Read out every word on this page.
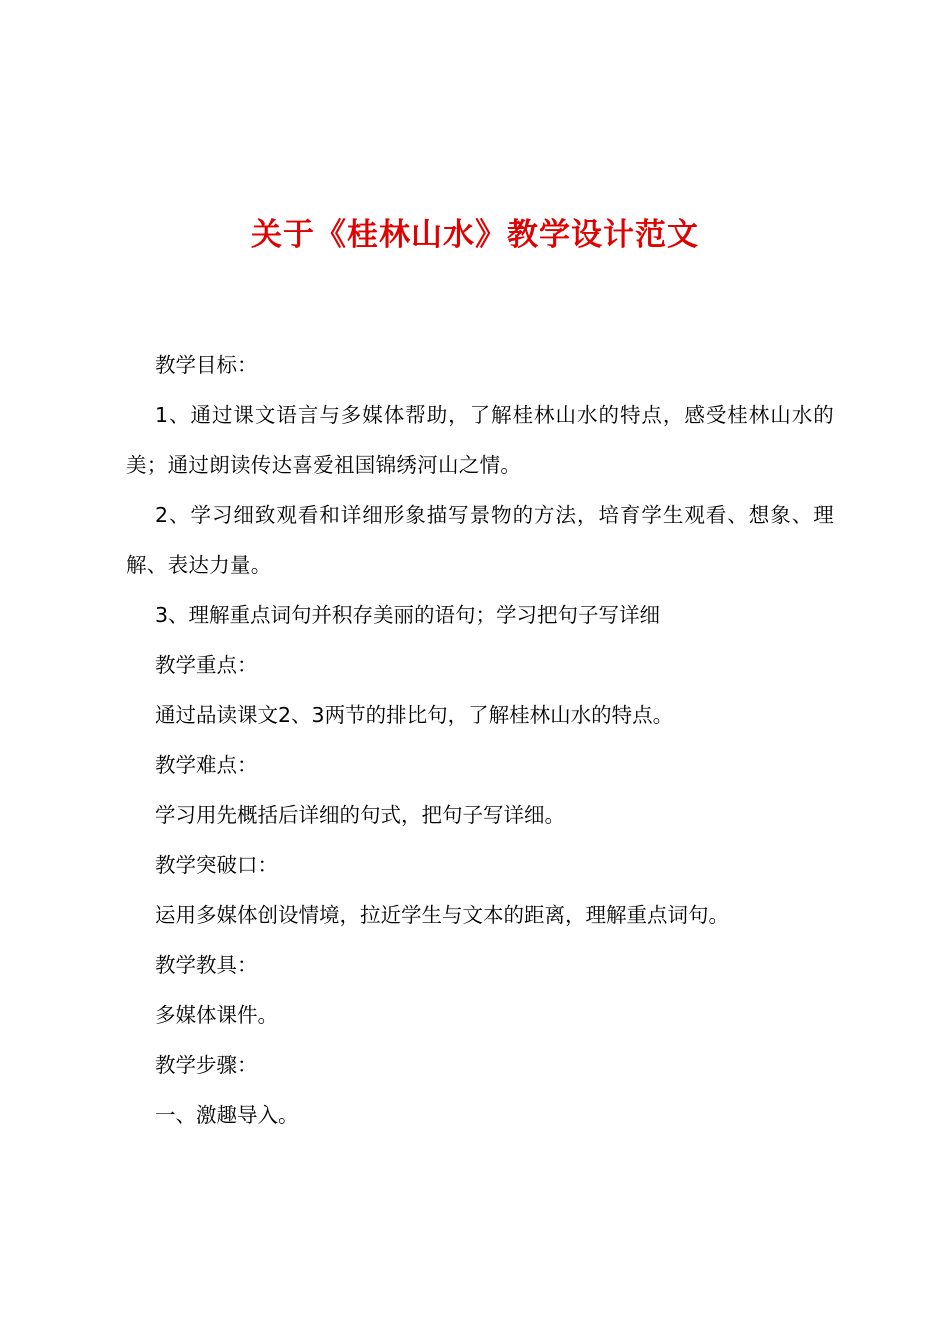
关于《桂林山水》教学设计范文

教学目标：

1、通过课文语言与多媒体帮助，了解桂林山水的特点，感受桂林山水的美；通过朗读传达喜爱祖国锦绣河山之情。

2、学习细致观看和详细形象描写景物的方法，培育学生观看、想象、理解、表达力量。

3、理解重点词句并积存美丽的语句；学习把句子写详细

教学重点：

通过品读课文2、3两节的排比句，了解桂林山水的特点。

教学难点：

学习用先概括后详细的句式，把句子写详细。

教学突破口：

运用多媒体创设情境，拉近学生与文本的距离，理解重点词句。

教学教具：

多媒体课件。

教学步骤：

一、激趣导入。
